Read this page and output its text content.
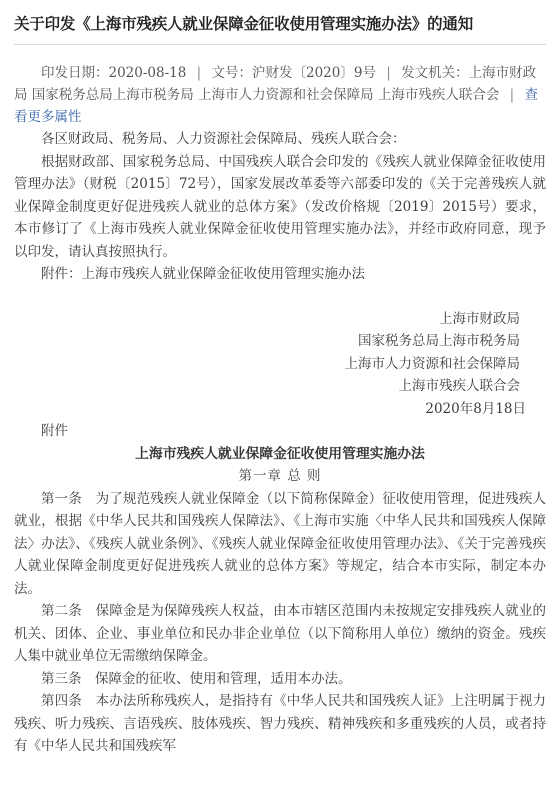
关于印发《上海市残疾人就业保障金征收使用管理实施办法》的通知
印发日期：2020-08-18 | 文号：沪财发〔2020〕9号 | 发文机关：上海市财政局 国家税务总局上海市税务局 上海市人力资源和社会保障局 上海市残疾人联合会 | 查看更多属性

各区财政局、税务局、人力资源社会保障局、残疾人联合会：

根据财政部、国家税务总局、中国残疾人联合会印发的《残疾人就业保障金征收使用管理办法》（财税〔2015〕72号），国家发展改革委等六部委印发的《关于完善残疾人就业保障金制度更好促进残疾人就业的总体方案》（发改价格规〔2019〕2015号）要求，本市修订了《上海市残疾人就业保障金征收使用管理实施办法》，并经市政府同意，现予以印发，请认真按照执行。

附件：上海市残疾人就业保障金征收使用管理实施办法

上海市财政局

国家税务总局上海市税务局

上海市人力资源和社会保障局

上海市残疾人联合会

2020年8月18日

附件

上海市残疾人就业保障金征收使用管理实施办法

第一章 总 则

第一条　为了规范残疾人就业保障金（以下简称保障金）征收使用管理，促进残疾人就业，根据《中华人民共和国残疾人保障法》、《上海市实施〈中华人民共和国残疾人保障法〉办法》、《残疾人就业条例》、《残疾人就业保障金征收使用管理办法》、《关于完善残疾人就业保障金制度更好促进残疾人就业的总体方案》等规定，结合本市实际，制定本办法。

第二条　保障金是为保障残疾人权益，由本市辖区范围内未按规定安排残疾人就业的机关、团体、企业、事业单位和民办非企业单位（以下简称用人单位）缴纳的资金。残疾人集中就业单位无需缴纳保障金。

第三条　保障金的征收、使用和管理，适用本办法。

第四条　本办法所称残疾人，是指持有《中华人民共和国残疾人证》上注明属于视力残疾、听力残疾、言语残疾、肢体残疾、智力残疾、精神残疾和多重残疾的人员，或者持有《中华人民共和国残疾军
